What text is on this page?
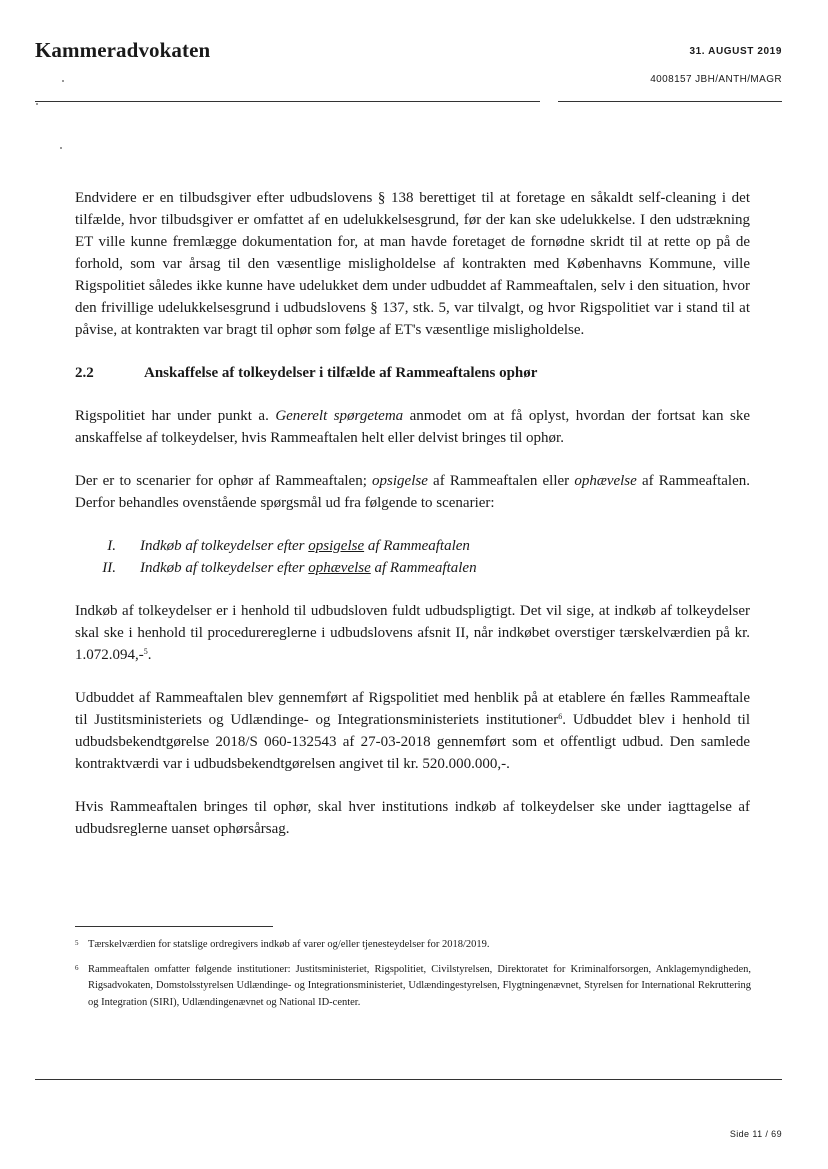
Kammeradvokaten	31. AUGUST 2019
4008157 JBH/ANTH/MAGR

Endvidere er en tilbudsgiver efter udbudslovens § 138 berettiget til at foretage en såkaldt self-cleaning i det tilfælde, hvor tilbudsgiver er omfattet af en udelukkelsesgrund, før der kan ske udelukkelse. I den udstrækning ET ville kunne fremlægge dokumentation for, at man havde foretaget de fornødne skridt til at rette op på de forhold, som var årsag til den væsentlige misligholdelse af kontrakten med Københavns Kommune, ville Rigspolitiet således ikke kunne have udelukket dem under udbuddet af Rammeaftalen, selv i den situation, hvor den frivillige udelukkelsesgrund i udbudslovens § 137, stk. 5, var tilvalgt, og hvor Rigspolitiet var i stand til at påvise, at kontrakten var bragt til ophør som følge af ET's væsentlige misligholdelse.

2.2	Anskaffelse af tolkeydelser i tilfælde af Rammeaftalens ophør

Rigspolitiet har under punkt a. Generelt spørgetema anmodet om at få oplyst, hvordan der fortsat kan ske anskaffelse af tolkeydelser, hvis Rammeaftalen helt eller delvist bringes til ophør.

Der er to scenarier for ophør af Rammeaftalen; opsigelse af Rammeaftalen eller ophævelse af Rammeaftalen. Derfor behandles ovenstående spørgsmål ud fra følgende to scenarier:

I.	Indkøb af tolkeydelser efter opsigelse af Rammeaftalen
II.	Indkøb af tolkeydelser efter ophævelse af Rammeaftalen

Indkøb af tolkeydelser er i henhold til udbudsloven fuldt udbudspligtigt. Det vil sige, at indkøb af tolkeydelser skal ske i henhold til procedurereglerne i udbudslovens afsnit II, når indkøbet overstiger tærskelværdien på kr. 1.072.094,-$^5$.

Udbuddet af Rammeaftalen blev gennemført af Rigspolitiet med henblik på at etablere én fælles Rammeaftale til Justitsministeriets og Udlændinge- og Integrationsministeriets institutioner$^6$. Udbuddet blev i henhold til udbudsbekendtgørelse 2018/S 060-132543 af 27-03-2018 gennemført som et offentligt udbud. Den samlede kontraktværdi var i udbudsbekendtgørelsen angivet til kr. 520.000.000,-.

Hvis Rammeaftalen bringes til ophør, skal hver institutions indkøb af tolkeydelser ske under iagttagelse af udbudsreglerne uanset ophørsårsag.

5 Tærskelværdien for statslige ordregivers indkøb af varer og/eller tjenesteydelser for 2018/2019.
6 Rammeaftalen omfatter følgende institutioner: Justitsministeriet, Rigspolitiet, Civilstyrelsen, Direktoratet for Kriminalforsorgen, Anklagemyndigheden, Rigsadvokaten, Domstolsstyrelsen Udlændinge- og Integrationsministeriet, Udlændingestyrelsen, Flygtningenævnet, Styrelsen for International Rekruttering og Integration (SIRI), Udlændingenævnet og National ID-center.
Side 11 / 69
